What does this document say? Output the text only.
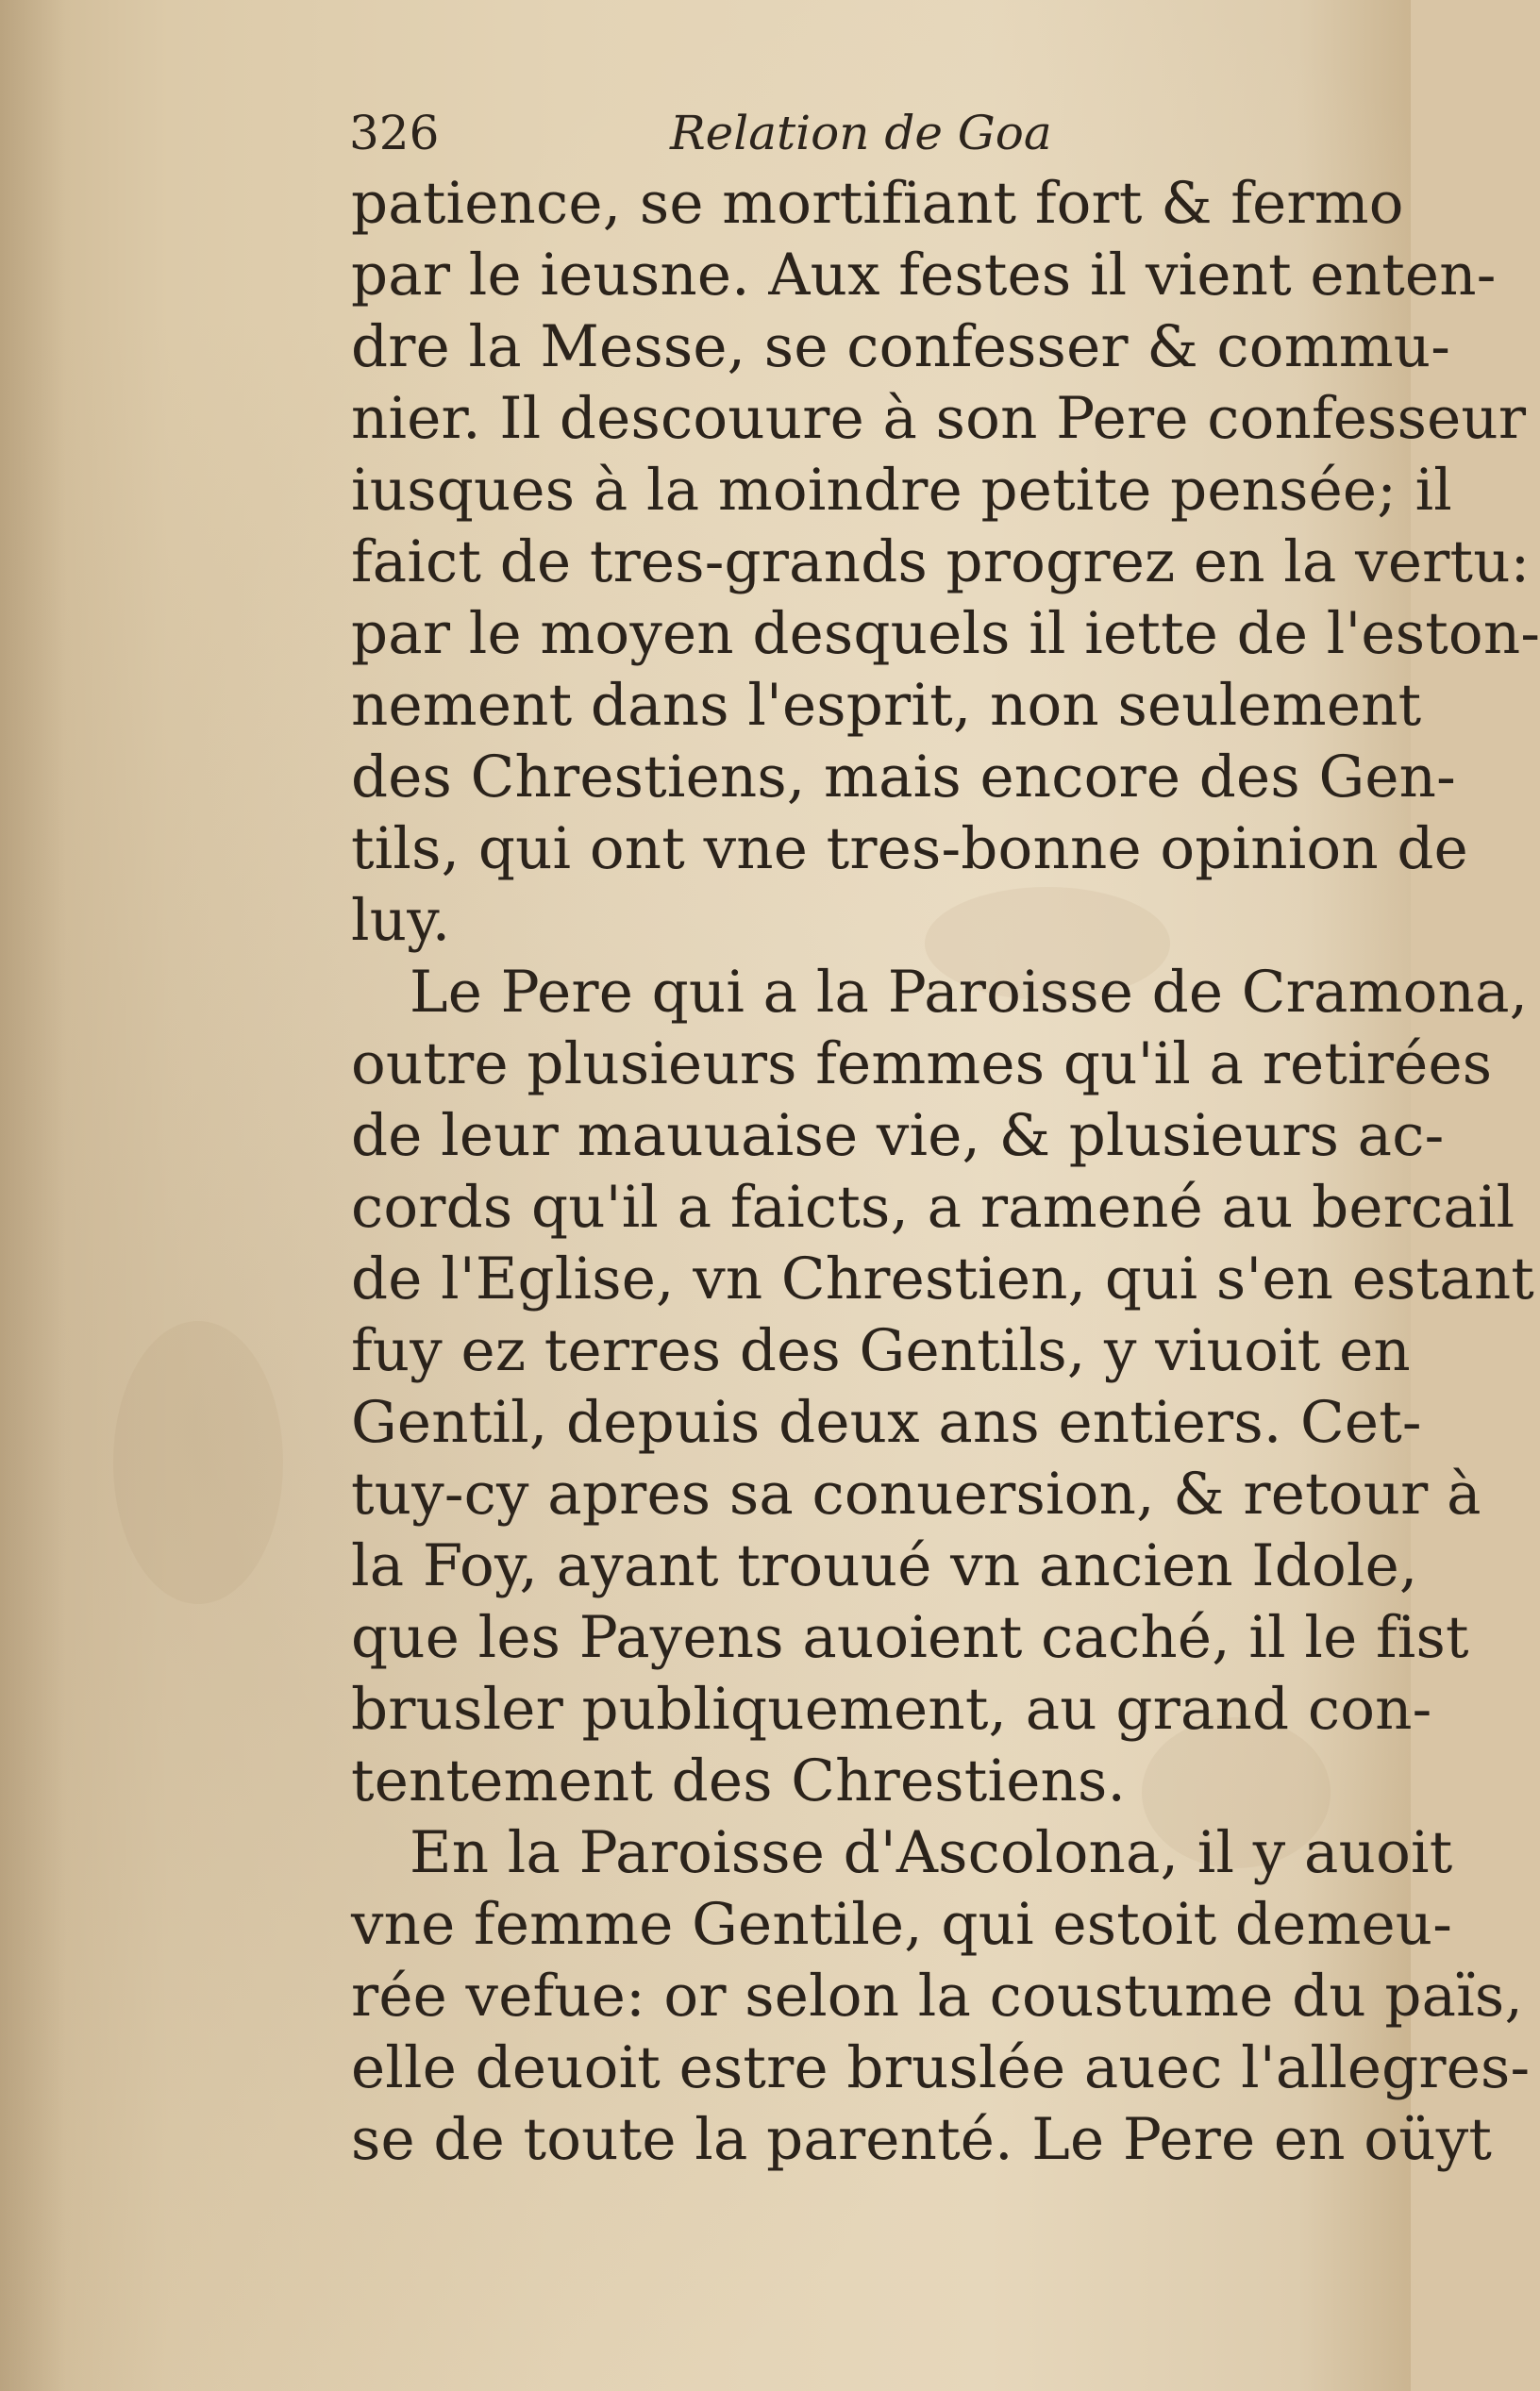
326	Relation de Goa
patience, se mortifiant fort & fermo
par le ieusne. Aux festes il vient enten-
dre la Messe, se confesser & commu-
nier. Il descouure à son Pere confesseur
iusques à la moindre petite pensée; il
faict de tres-grands progrez en la vertu:
par le moyen desquels il iette de l'eston-
nement dans l'esprit, non seulement
des Chrestiens, mais encore des Gen-
tils, qui ont vne tres-bonne opinion de
luy.
Le Pere qui a la Paroisse de Cramona,
outre plusieurs femmes qu'il a retirées
de leur mauuaise vie, & plusieurs ac-
cords qu'il a faicts, a ramené au bercail
de l'Eglise, vn Chrestien, qui s'en estant
fuy ez terres des Gentils, y viuoit en
Gentil, depuis deux ans entiers. Cet-
tuy-cy apres sa conuersion, & retour à
la Foy, ayant trouué vn ancien Idole,
que les Payens auoient caché, il le fist
brusler publiquement, au grand con-
tentement des Chrestiens.
En la Paroisse d'Ascolona, il y auoit
vne femme Gentile, qui estoit demeu-
rée vefue: or selon la coustume du païs,
elle deuoit estre bruslée auec l'allegres-
se de toute la parenté. Le Pere en oüyt
